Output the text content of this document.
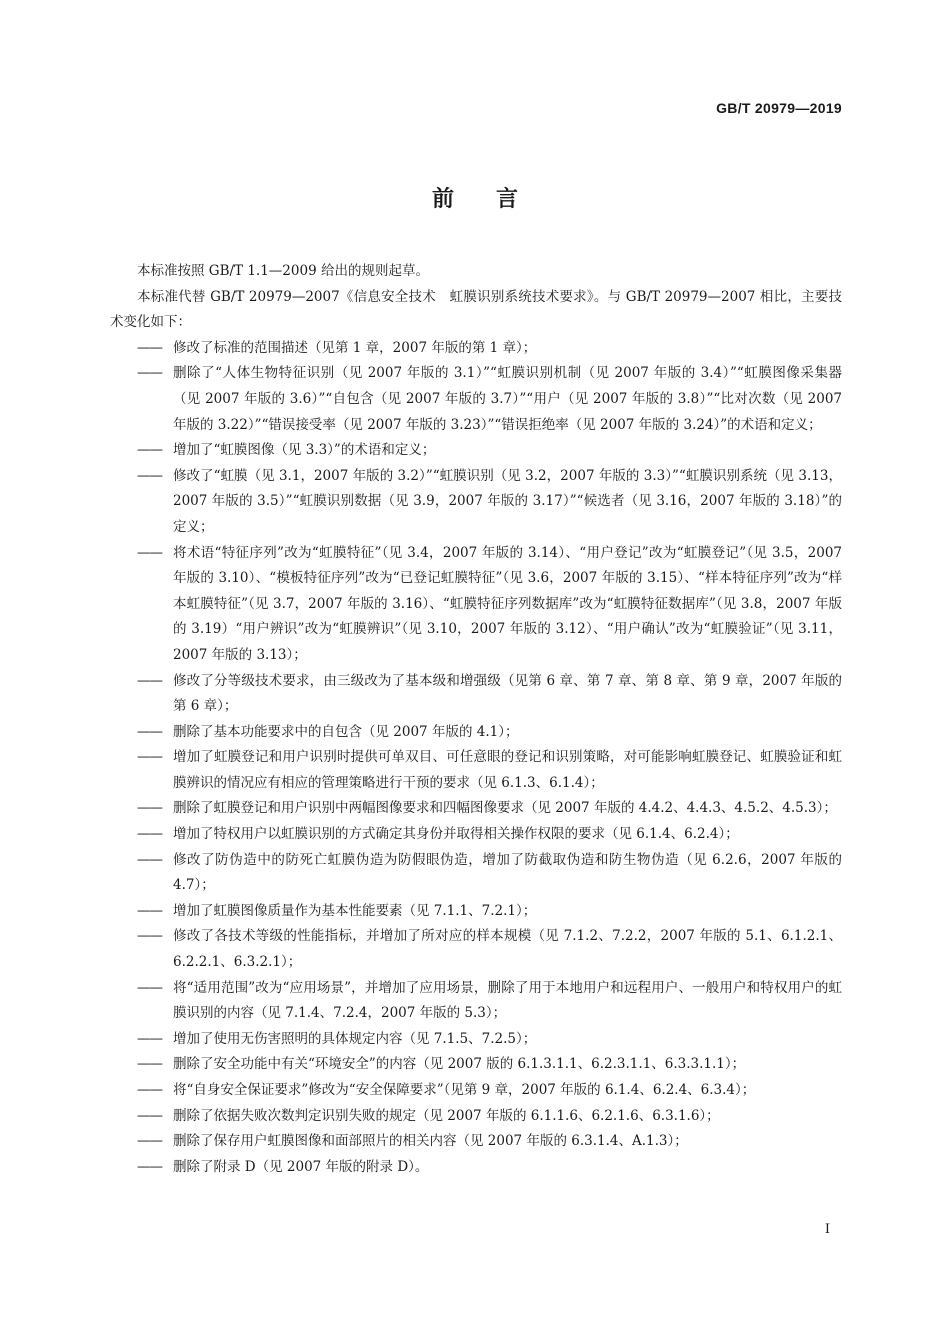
GB/T 20979—2019
前言

本标准按照 GB/T 1.1—2009 给出的规则起草。

本标准代替 GB/T 20979—2007《信息安全技术　虹膜识别系统技术要求》。与 GB/T 20979—2007 相比，主要技术变化如下：

—— 修改了标准的范围描述（见第 1 章，2007 年版的第 1 章）；

—— 删除了“人体生物特征识别（见 2007 年版的 3.1）”“虹膜识别机制（见 2007 年版的 3.4）”“虹膜图像采集器（见 2007 年版的 3.6）”“自包含（见 2007 年版的 3.7）”“用户（见 2007 年版的 3.8）”“比对次数（见 2007 年版的 3.22）”“错误接受率（见 2007 年版的 3.23）”“错误拒绝率（见 2007 年版的 3.24）”的术语和定义；

—— 增加了“虹膜图像（见 3.3）”的术语和定义；

—— 修改了“虹膜（见 3.1，2007 年版的 3.2）”“虹膜识别（见 3.2，2007 年版的 3.3）”“虹膜识别系统（见 3.13，2007 年版的 3.5）”“虹膜识别数据（见 3.9，2007 年版的 3.17）”“候选者（见 3.16，2007 年版的 3.18）”的定义；

—— 将术语“特征序列”改为“虹膜特征”（见 3.4，2007 年版的 3.14）、“用户登记”改为“虹膜登记”（见 3.5，2007 年版的 3.10）、“模板特征序列”改为“已登记虹膜特征”（见 3.6，2007 年版的 3.15）、“样本特征序列”改为“样本虹膜特征”（见 3.7，2007 年版的 3.16）、“虹膜特征序列数据库”改为“虹膜特征数据库”（见 3.8，2007 年版的 3.19）“用户辨识”改为“虹膜辨识”（见 3.10，2007 年版的 3.12）、“用户确认”改为“虹膜验证”（见 3.11，2007 年版的 3.13）；

—— 修改了分等级技术要求，由三级改为了基本级和增强级（见第 6 章、第 7 章、第 8 章、第 9 章，2007 年版的第 6 章）；

—— 删除了基本功能要求中的自包含（见 2007 年版的 4.1）；

—— 增加了虹膜登记和用户识别时提供可单双目、可任意眼的登记和识别策略，对可能影响虹膜登记、虹膜验证和虹膜辨识的情况应有相应的管理策略进行干预的要求（见 6.1.3、6.1.4）；

—— 删除了虹膜登记和用户识别中两幅图像要求和四幅图像要求（见 2007 年版的 4.4.2、4.4.3、4.5.2、4.5.3）；

—— 增加了特权用户以虹膜识别的方式确定其身份并取得相关操作权限的要求（见 6.1.4、6.2.4）；

—— 修改了防伪造中的防死亡虹膜伪造为防假眼伪造，增加了防截取伪造和防生物伪造（见 6.2.6，2007 年版的 4.7）；

—— 增加了虹膜图像质量作为基本性能要素（见 7.1.1、7.2.1）；

—— 修改了各技术等级的性能指标，并增加了所对应的样本规模（见 7.1.2、7.2.2，2007 年版的 5.1、6.1.2.1、6.2.2.1、6.3.2.1）；

—— 将“适用范围”改为“应用场景”，并增加了应用场景，删除了用于本地用户和远程用户、一般用户和特权用户的虹膜识别的内容（见 7.1.4、7.2.4，2007 年版的 5.3）；

—— 增加了使用无伤害照明的具体规定内容（见 7.1.5、7.2.5）；

—— 删除了安全功能中有关“环境安全”的内容（见 2007 版的 6.1.3.1.1、6.2.3.1.1、6.3.3.1.1）；

—— 将“自身安全保证要求”修改为“安全保障要求”（见第 9 章，2007 年版的 6.1.4、6.2.4、6.3.4）；

—— 删除了依据失败次数判定识别失败的规定（见 2007 年版的 6.1.1.6、6.2.1.6、6.3.1.6）；

—— 删除了保存用户虹膜图像和面部照片的相关内容（见 2007 年版的 6.3.1.4、A.1.3）；

—— 删除了附录 D（见 2007 年版的附录 D）。

I
